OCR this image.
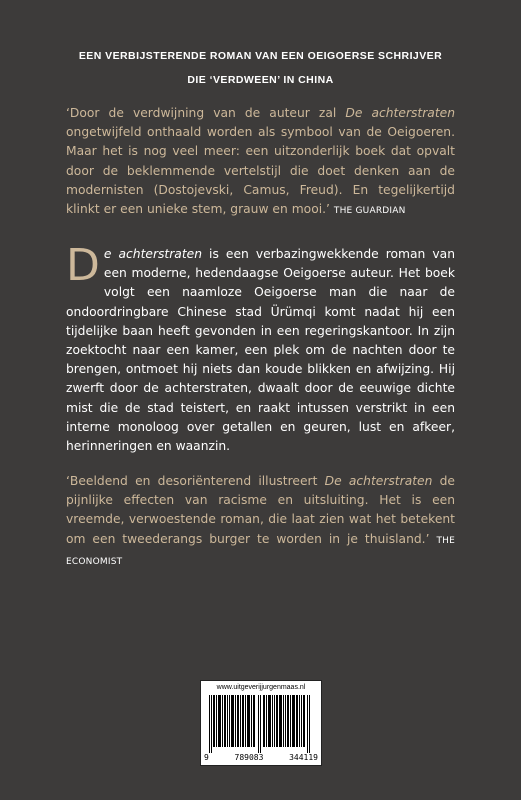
EEN VERBIJSTERENDE ROMAN VAN EEN OEIGOERSE SCHRIJVER
DIE ‘VERDWEEN’ IN CHINA

‘Door de verdwijning van de auteur zal De achterstraten ongetwijfeld onthaald worden als symbool van de Oeigoeren. Maar het is nog veel meer: een uitzonderlijk boek dat opvalt door de beklemmende vertelstijl die doet denken aan de modernisten (Dostojevski, Camus, Freud). En tegelijkertijd klinkt er een unieke stem, grauw en mooi.’ THE GUARDIAN

De achterstraten is een verbazingwekkende roman van een moderne, hedendaagse Oeigoerse auteur. Het boek volgt een naamloze Oeigoerse man die naar de ondoordringbare Chinese stad Ürümqi komt nadat hij een tijdelijke baan heeft gevonden in een regeringskantoor. In zijn zoektocht naar een kamer, een plek om de nachten door te brengen, ontmoet hij niets dan koude blikken en afwijzing. Hij zwerft door de achterstraten, dwaalt door de eeuwige dichte mist die de stad teistert, en raakt intussen verstrikt in een interne monoloog over getallen en geuren, lust en afkeer, herinneringen en waanzin.

‘Beeldend en desoriënterend illustreert De achterstraten de pijnlijke effecten van racisme en uitsluiting. Het is een vreemde, verwoestende roman, die laat zien wat het betekent om een tweederangs burger te worden in je thuisland.’ THE ECONOMIST

www.uitgeverijjurgenmaas.nl
9	789083	344119
